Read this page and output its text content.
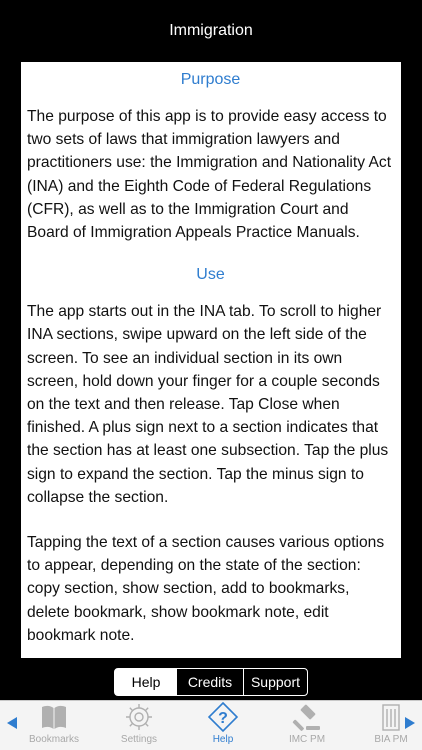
Immigration
Purpose

The purpose of this app is to provide easy access to two sets of laws that immigration lawyers and practitioners use: the Immigration and Nationality Act (INA) and the Eighth Code of Federal Regulations (CFR), as well as to the Immigration Court and Board of Immigration Appeals Practice Manuals.

Use

The app starts out in the INA tab. To scroll to higher INA sections, swipe upward on the left side of the screen. To see an individual section in its own screen, hold down your finger for a couple seconds on the text and then release. Tap Close when finished. A plus sign next to a section indicates that the section has at least one subsection. Tap the plus sign to expand the section. Tap the minus sign to collapse the section.

Tapping the text of a section causes various options to appear, depending on the state of the section: copy section, show section, add to bookmarks, delete bookmark, show bookmark note, edit bookmark note.

Help	Credits	Support
Bookmarks	Settings
?
Help	IMC PM	BIA PM
